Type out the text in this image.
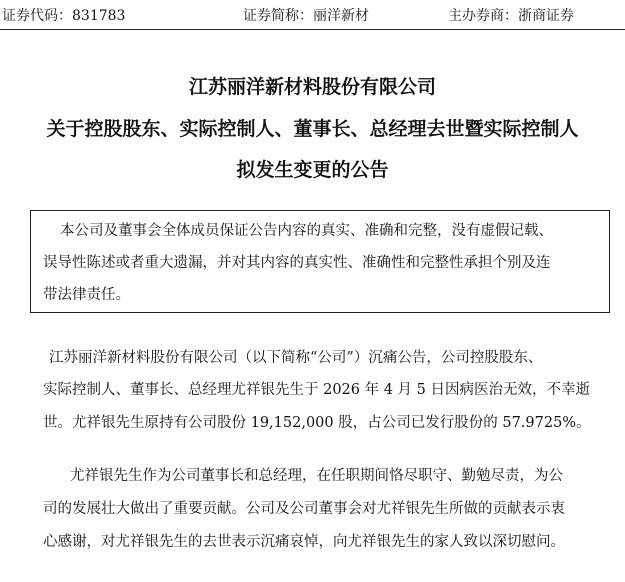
证券代码：831783	证券简称：丽洋新材	主办券商：浙商证券
江苏丽洋新材料股份有限公司
关于控股股东、实际控制人、董事长、总经理去世暨实际控制人
拟发生变更的公告
本公司及董事会全体成员保证公告内容的真实、准确和完整，没有虚假记载、
误导性陈述或者重大遗漏，并对其内容的真实性、准确性和完整性承担个别及连
带法律责任。
江苏丽洋新材料股份有限公司（以下简称“公司”）沉痛公告，公司控股股东、
实际控制人、董事长、总经理尤祥银先生于 2026 年 4 月 5 日因病医治无效，不幸逝
世。尤祥银先生原持有公司股份 19,152,000 股，占公司已发行股份的 57.9725%。
尤祥银先生作为公司董事长和总经理，在任职期间恪尽职守、勤勉尽责，为公
司的发展壮大做出了重要贡献。公司及公司董事会对尤祥银先生所做的贡献表示衷
心感谢，对尤祥银先生的去世表示沉痛哀悼，向尤祥银先生的家人致以深切慰问。
